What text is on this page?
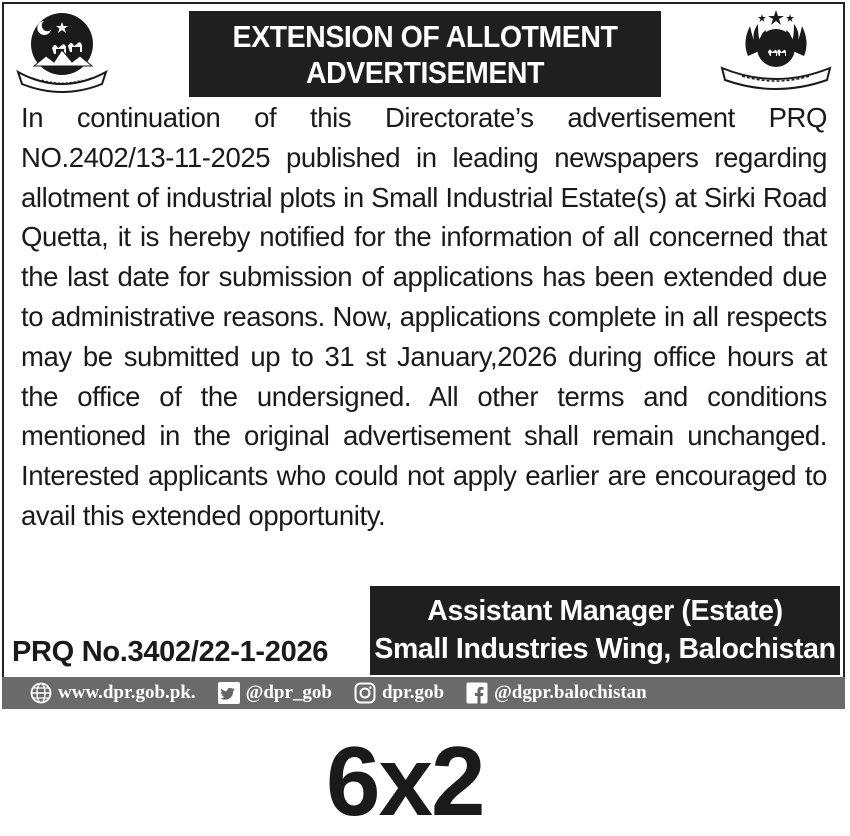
EXTENSION OF ALLOTMENT
ADVERTISEMENT
In continuation of this Directorate’s advertisement PRQ NO.2402/13-11-2025 published in leading newspapers regarding allotment of industrial plots in Small Industrial Estate(s) at Sirki Road Quetta, it is hereby notified for the information of all concerned that the last date for submission of applications has been extended due to administrative reasons. Now, applications complete in all respects may be submitted up to 31 st January,2026 during office hours at the office of the undersigned. All other terms and conditions mentioned in the original advertisement shall remain unchanged. Interested applicants who could not apply earlier are encouraged to avail this extended opportunity.
PRQ No.3402/22-1-2026
Assistant Manager (Estate)
Small Industries Wing, Balochistan
www.dpr.gob.pk.	@dpr_gob	dpr.gob	@dgpr.balochistan
6x2
